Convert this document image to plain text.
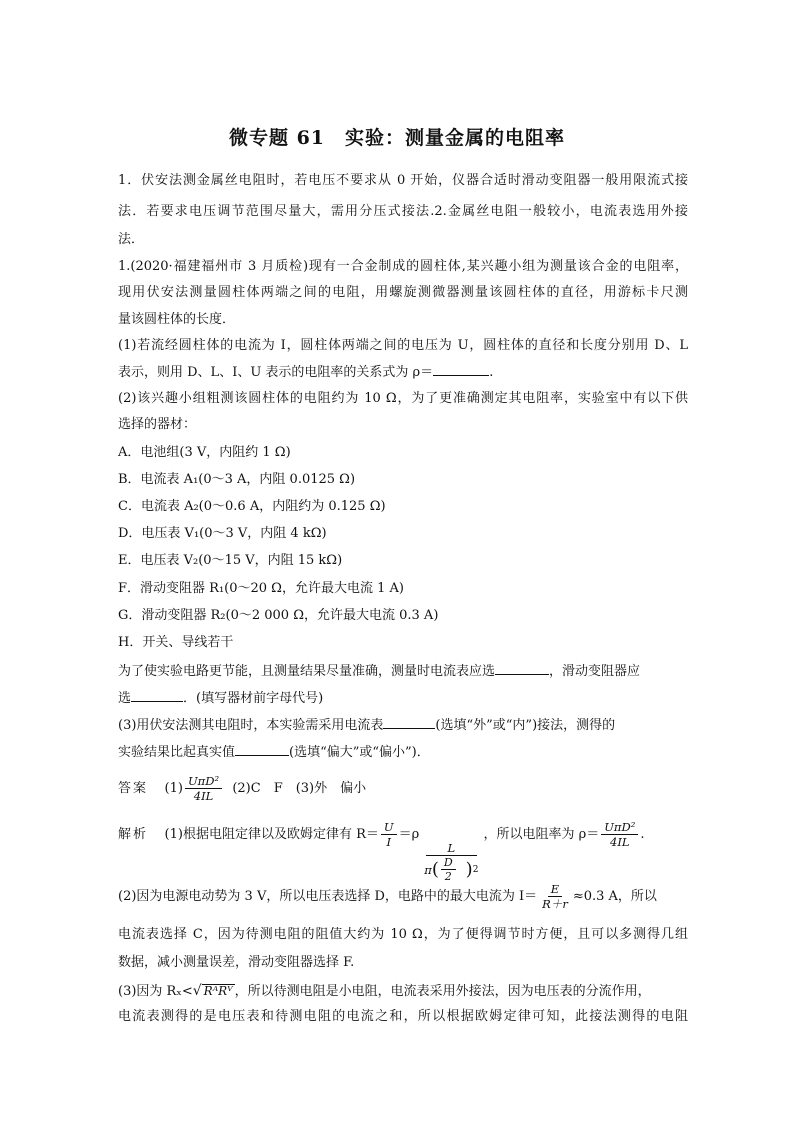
微专题 61　实验：测量金属的电阻率
1．伏安法测金属丝电阻时，若电压不要求从 0 开始，仪器合适时滑动变阻器一般用限流式接
法．若要求电压调节范围尽量大，需用分压式接法.2.金属丝电阻一般较小，电流表选用外接
法．
1.(2020·福建福州市 3 月质检)现有一合金制成的圆柱体,某兴趣小组为测量该合金的电阻率，
现用伏安法测量圆柱体两端之间的电阻，用螺旋测微器测量该圆柱体的直径，用游标卡尺测
量该圆柱体的长度．
(1)若流经圆柱体的电流为 I，圆柱体两端之间的电压为 U，圆柱体的直径和长度分别用 D、L
表示，则用 D、L、I、U 表示的电阻率的关系式为 ρ＝	.
(2)该兴趣小组粗测该圆柱体的电阻约为 10 Ω，为了更准确测定其电阻率，实验室中有以下供
选择的器材：
A．电池组(3 V，内阻约 1 Ω)
B．电流表 A₁(0～3 A，内阻 0.0125 Ω)
C．电流表 A₂(0～0.6 A，内阻约为 0.125 Ω)
D．电压表 V₁(0～3 V，内阻 4 kΩ)
E．电压表 V₂(0～15 V，内阻 15 kΩ)
F．滑动变阻器 R₁(0～20 Ω，允许最大电流 1 A)
G．滑动变阻器 R₂(0～2 000 Ω，允许最大电流 0.3 A)
H．开关、导线若干
为了使实验电路更节能，且测量结果尽量准确，测量时电流表应选	，滑动变阻器应
选	．(填写器材前字母代号)
(3)用伏安法测其电阻时，本实验需采用电流表	(选填“外”或“内”)接法，测得的
实验结果比起真实值	(选填“偏大”或“偏小”)．
答案 $(1) \frac{\text{UπD²}}{4IL} (2)C$　F　(3)外　偏小
解析 (1)根据电阻定律以及欧姆定律有 $R= \frac{U}{I} =\rho$
$\frac{L}{\pi ( \frac{D}{2} ) 2}$
，所以电阻率为 $\rho= \frac{\text{UπD²}}{4IL}$ .
(2)因为电源电动势为 3 V，所以电压表选择 D，电路中的最大电流为 $I= \frac{E}{R+r} \approx 0.3$ A，所以
电流表选择 C，因为待测电阻的阻值大约为 10 Ω，为了便得调节时方便，且可以多测得几组
数据，减小测量误差，滑动变阻器选择 F.
(3)因为 Rₓ<√ RᴬRⱽ ，所以待测电阻是小电阻，电流表采用外接法，因为电压表的分流作用，
电流表测得的是电压表和待测电阻的电流之和，所以根据欧姆定律可知，此接法测得的电阻
